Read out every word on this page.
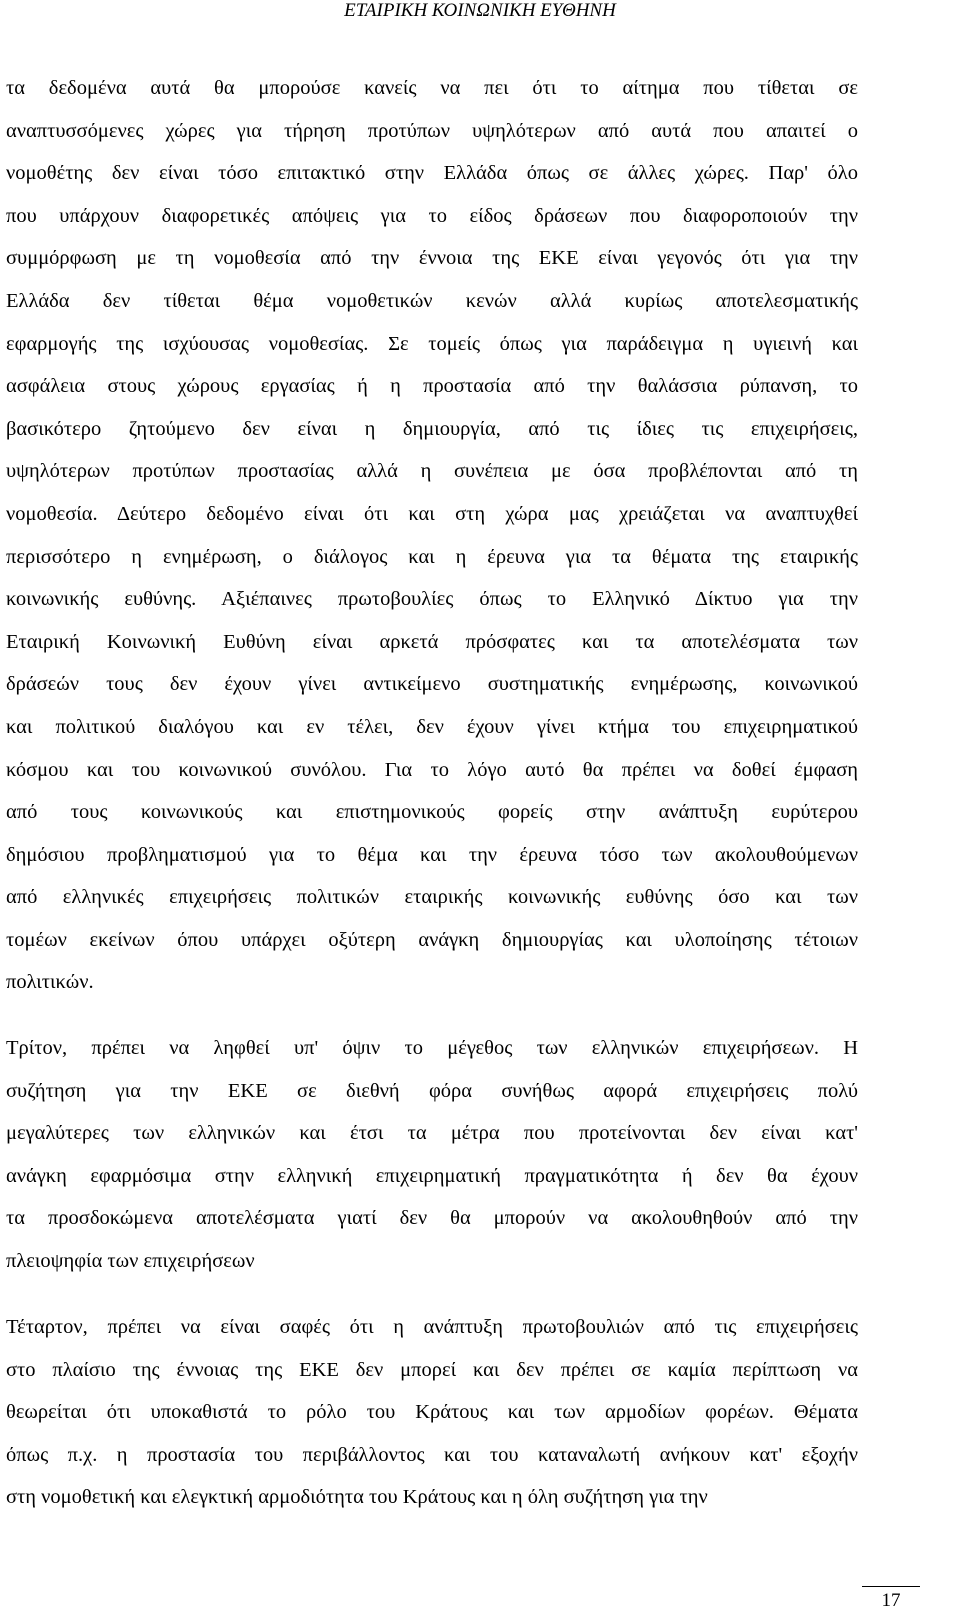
ΕΤΑΙΡΙΚΗ ΚΟΙΝΩΝΙΚΗ ΕΥΘΗΝΗ
τα δεδομένα αυτά θα μπορούσε κανείς να πει ότι το αίτημα που τίθεται σε
αναπτυσσόμενες χώρες για τήρηση προτύπων υψηλότερων από αυτά που απαιτεί ο
νομοθέτης δεν είναι τόσο επιτακτικό στην Ελλάδα όπως σε άλλες χώρες. Παρ' όλο
που υπάρχουν διαφορετικές απόψεις για το είδος δράσεων που διαφοροποιούν την
συμμόρφωση με τη νομοθεσία από την έννοια της ΕΚΕ είναι γεγονός ότι για την
Ελλάδα δεν τίθεται θέμα νομοθετικών κενών αλλά κυρίως αποτελεσματικής
εφαρμογής της ισχύουσας νομοθεσίας. Σε τομείς όπως για παράδειγμα η υγιεινή και
ασφάλεια στους χώρους εργασίας ή η προστασία από την θαλάσσια ρύπανση, το
βασικότερο ζητούμενο δεν είναι η δημιουργία, από τις ίδιες τις επιχειρήσεις,
υψηλότερων προτύπων προστασίας αλλά η συνέπεια με όσα προβλέπονται από τη
νομοθεσία. Δεύτερο δεδομένο είναι ότι και στη χώρα μας χρειάζεται να αναπτυχθεί
περισσότερο η ενημέρωση, ο διάλογος και η έρευνα για τα θέματα της εταιρικής
κοινωνικής ευθύνης. Αξιέπαινες πρωτοβουλίες όπως το Ελληνικό Δίκτυο για την
Εταιρική Κοινωνική Ευθύνη είναι αρκετά πρόσφατες και τα αποτελέσματα των
δράσεών τους δεν έχουν γίνει αντικείμενο συστηματικής ενημέρωσης, κοινωνικού
και πολιτικού διαλόγου και εν τέλει, δεν έχουν γίνει κτήμα του επιχειρηματικού
κόσμου και του κοινωνικού συνόλου. Για το λόγο αυτό θα πρέπει να δοθεί έμφαση
από τους κοινωνικούς και επιστημονικούς φορείς στην ανάπτυξη ευρύτερου
δημόσιου προβληματισμού για το θέμα και την έρευνα τόσο των ακολουθούμενων
από ελληνικές επιχειρήσεις πολιτικών εταιρικής κοινωνικής ευθύνης όσο και των
τομέων εκείνων όπου υπάρχει οξύτερη ανάγκη δημιουργίας και υλοποίησης τέτοιων
πολιτικών.
Τρίτον, πρέπει να ληφθεί υπ' όψιν το μέγεθος των ελληνικών επιχειρήσεων. Η
συζήτηση για την ΕΚΕ σε διεθνή φόρα συνήθως αφορά επιχειρήσεις πολύ
μεγαλύτερες των ελληνικών και έτσι τα μέτρα που προτείνονται δεν είναι κατ'
ανάγκη εφαρμόσιμα στην ελληνική επιχειρηματική πραγματικότητα ή δεν θα έχουν
τα προσδοκώμενα αποτελέσματα γιατί δεν θα μπορούν να ακολουθηθούν από την
πλειοψηφία των επιχειρήσεων
Τέταρτον, πρέπει να είναι σαφές ότι η ανάπτυξη πρωτοβουλιών από τις επιχειρήσεις
στο πλαίσιο της έννοιας της ΕΚΕ δεν μπορεί και δεν πρέπει σε καμία περίπτωση να
θεωρείται ότι υποκαθιστά το ρόλο του Κράτους και των αρμοδίων φορέων. Θέματα
όπως π.χ. η προστασία του περιβάλλοντος και του καταναλωτή ανήκουν κατ' εξοχήν
στη νομοθετική και ελεγκτική αρμοδιότητα του Κράτους και η όλη συζήτηση για την
17
